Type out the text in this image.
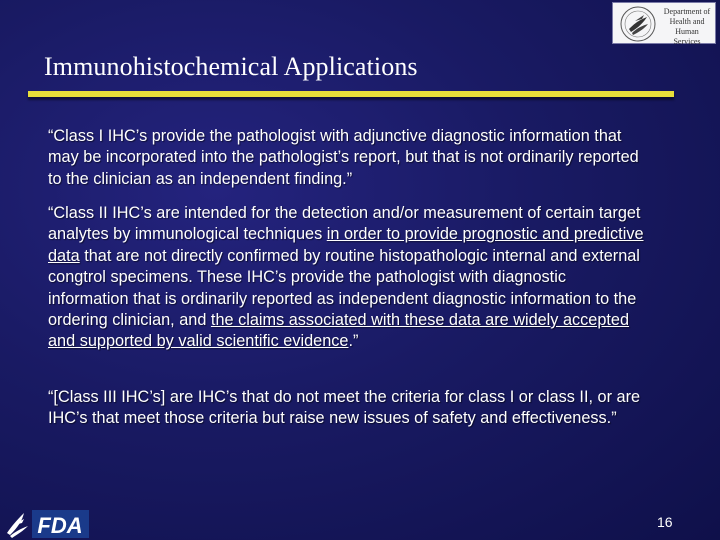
Department of
Health and Human
Services
Immunohistochemical Applications
“Class I IHC’s provide the pathologist with adjunctive diagnostic information that may be incorporated into the pathologist’s report, but that is not ordinarily reported to the clinician as an independent finding.”
“Class II IHC’s are intended for the detection and/or measurement of certain target analytes by immunological techniques in order to provide prognostic and predictive data that are not directly confirmed by routine histopathologic internal and external congtrol specimens. These IHC’s provide the pathologist with diagnostic information that is ordinarily reported as independent diagnostic information to the ordering clinician, and the claims associated with these data are widely accepted and supported by valid scientific evidence.”
“[Class III IHC’s] are IHC’s that do not meet the criteria for class I or class II, or are IHC’s that meet those criteria but raise new issues of safety and effectiveness.”
FDA	16
